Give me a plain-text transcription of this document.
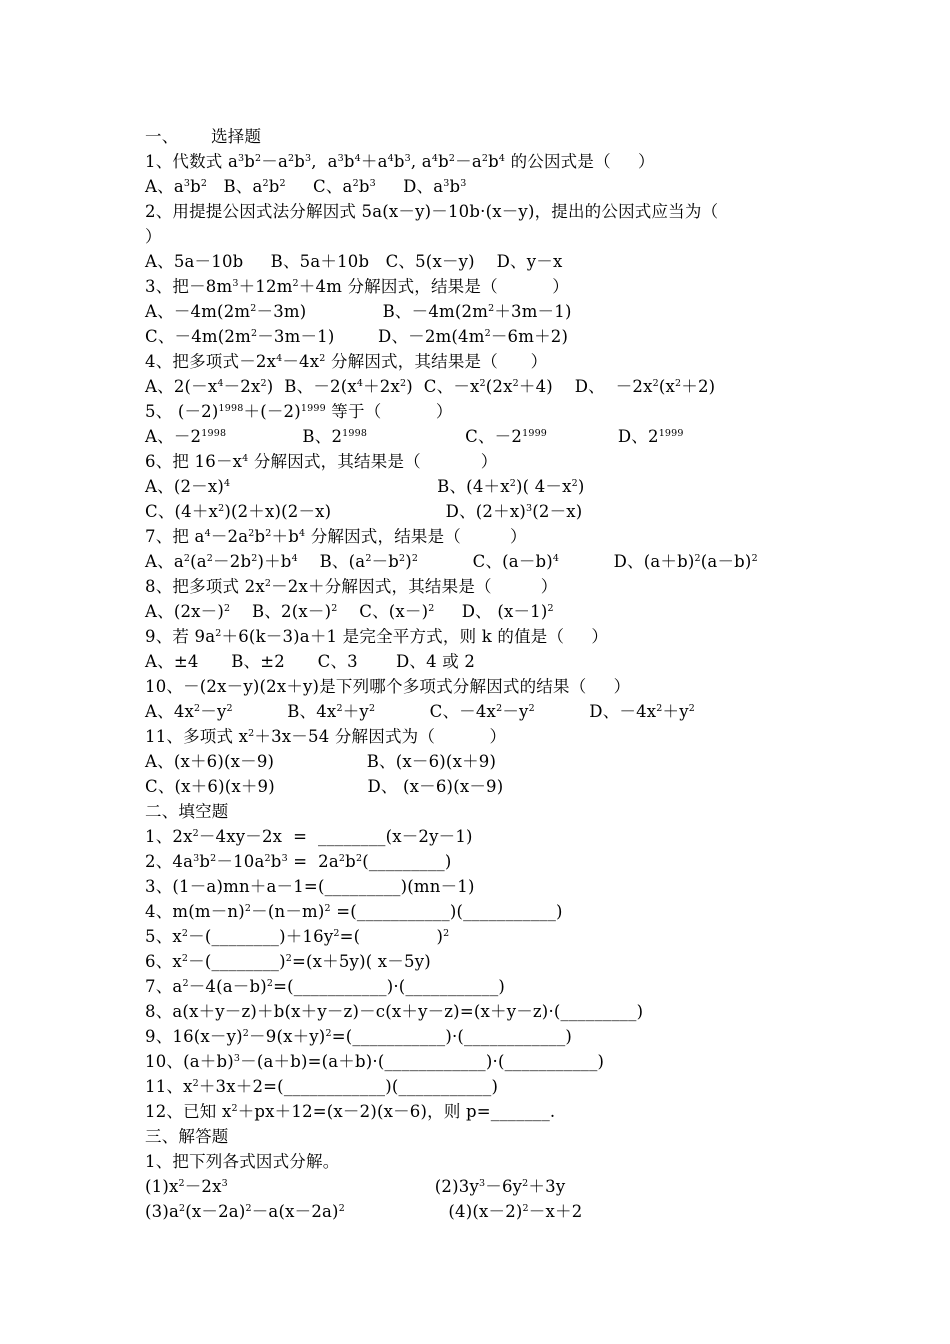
一、      选择题
1、代数式 $a^3b^2-a^2b^3$,  $a^3b^4+a^4b^3$, $a^4b^2-a^2b^4$ 的公因式是（     ）
A、$a^3b^2$   B、$a^2b^2$     C、$a^2b^3$     D、$a^3b^3$
2、用提提公因式法分解因式 5a(x－y)－10b·(x－y)，提出的公因式应当为（
）
A、5a－10b     B、5a＋10b   C、5(x－y)    D、y－x
3、把$-8m^3+12m^2+4m$ 分解因式，结果是（          ）
A、$-4m(2m^2-3m)$              B、$-4m(2m^2+3m-1)$
C、$-4m(2m^2-3m-1)$        D、$-2m(4m^2-6m+2)$
4、把多项式$-2x^4-4x^2$ 分解因式，其结果是（      ）
A、$2(-x^4-2x^2)$  B、$-2(x^4+2x^2)$  C、$-x^2(2x^2+4)$    D、  $-2x^2(x^2+2)$
5、 $(-2)^{1998}+(-2)^{1999}$ 等于（          ）
A、$-2^{1998}$              B、$2^{1998}$                  C、$-2^{1999}$             D、$2^{1999}$
6、把 $16-x^4$ 分解因式，其结果是（           ）
A、$(2-x)^4$                                      B、$(4+x^2)$( $4-x^2$)
C、$(4+x^2)(2+x)(2-x)$                     D、$(2+x)^3(2-x)$
7、把 $a^4-2a^2b^2+b^4$ 分解因式，结果是（         ）
A、$a^2(a^2-2b^2)+b^4$    B、$(a^2-b^2)^2$          C、$(a-b)^4$          D、$(a+b)^2(a-b)^2$
8、把多项式 $2x^2-2x+$分解因式，其结果是（         ）
A、$(2x-)^2$    B、$2(x-)^2$    C、$(x-)^2$     D、 $(x-1)^2$
9、若 $9a^2+6(k-3)a+1$ 是完全平方式，则 k 的值是（     ）
A、±4      B、±2      C、3       D、4 或 2
10、－(2x－y)(2x＋y)是下列哪个多项式分解因式的结果（     ）
A、$4x^2-y^2$          B、$4x^2+y^2$          C、$-4x^2-y^2$          D、$-4x^2+y^2$
11、多项式 $x^2+3x-54$ 分解因式为（          ）
A、(x＋6)(x－9)                 B、(x－6)(x＋9)
C、(x＋6)(x＋9)                 D、 (x－6)(x－9)
二、填空题
1、$2x^2-4xy-2x$  =  ________(x－2y－1)
2、$4a^3b^2-10a^2b^3$ =  $2a^2b^2(\_\_\_\_\_\_\_\_\_)$
3、(1－a)mn＋a－1=(_________)(mn－1)
4、$m(m-n)^2-(n-m)^2$ =(___________)(___________)
5、$x^2-(\_\_\_\_\_\_\_\_)+16y^2=$(              )$^2$
6、$x^2-(\_\_\_\_\_\_\_\_)^2=(x+5y)$( x－5y)
7、$a^2-4(a-b)^2=(\_\_\_\_\_\_\_\_\_\_\_)\cdot(\_\_\_\_\_\_\_\_\_\_\_)$
8、a(x＋y－z)＋b(x＋y－z)－c(x＋y－z)=(x＋y－z)·(_________)
9、$16(x-y)^2-9(x+y)^2=(\_\_\_\_\_\_\_\_\_\_\_)\cdot(\_\_\_\_\_\_\_\_\_\_\_\_)$
10、$(a+b)^3-(a+b)=(a+b)\cdot(\_\_\_\_\_\_\_\_\_\_\_\_)\cdot(\_\_\_\_\_\_\_\_\_\_\_)$
11、$x^2+3x+2=(\_\_\_\_\_\_\_\_\_\_\_\_)(\_\_\_\_\_\_\_\_\_\_\_)$
12、已知 $x^2+px+12=(x-2)(x-6)$，则 p=_______.
三、解答题
1、把下列各式因式分解。
$(1)x^2-2x^3$                                      $(2)3y^3-6y^2+3y$
$(3)a^2(x-2a)^2-a(x-2a)^2$                   $(4)(x-2)^2-x+2$
